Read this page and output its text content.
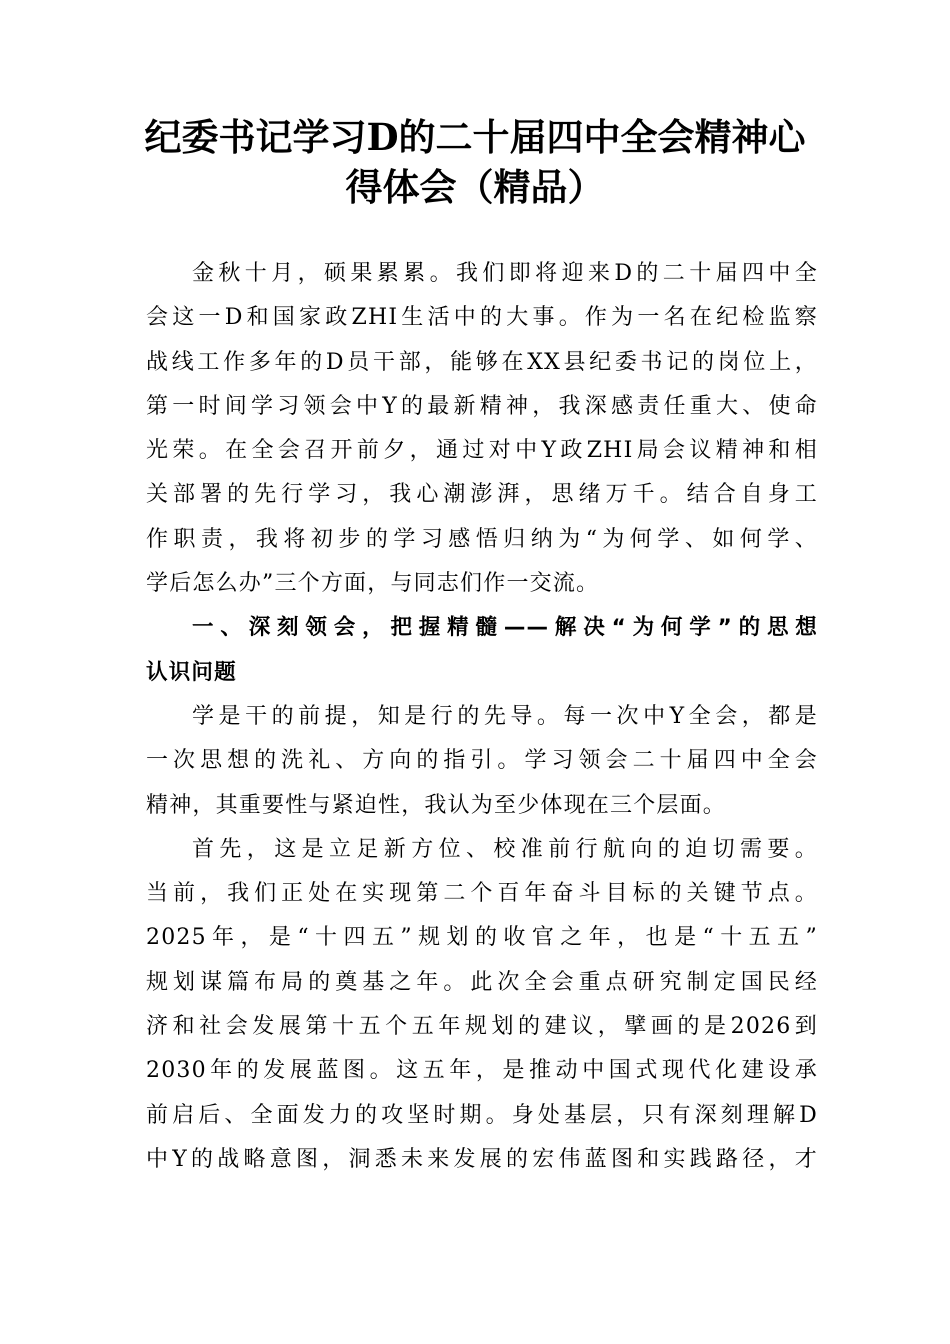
纪委书记学习D的二十届四中全会精神心
得体会（精品）
金秋十月，硕果累累。我们即将迎来D的二十届四中全
会这一D和国家政ZHI生活中的大事。作为一名在纪检监察
战线工作多年的D员干部，能够在XX县纪委书记的岗位上，
第一时间学习领会中Y的最新精神，我深感责任重大、使命
光荣。在全会召开前夕，通过对中Y政ZHI局会议精神和相
关部署的先行学习，我心潮澎湃，思绪万千。结合自身工
作职责，我将初步的学习感悟归纳为“为何学、如何学、
学后怎么办”三个方面，与同志们作一交流。
一、深刻领会，把握精髓——解决“为何学”的思想
认识问题
学是干的前提，知是行的先导。每一次中Y全会，都是
一次思想的洗礼、方向的指引。学习领会二十届四中全会
精神，其重要性与紧迫性，我认为至少体现在三个层面。
首先，这是立足新方位、校准前行航向的迫切需要。
当前，我们正处在实现第二个百年奋斗目标的关键节点。
2025年，是“十四五”规划的收官之年，也是“十五五”
规划谋篇布局的奠基之年。此次全会重点研究制定国民经
济和社会发展第十五个五年规划的建议，擘画的是2026到
2030年的发展蓝图。这五年，是推动中国式现代化建设承
前启后、全面发力的攻坚时期。身处基层，只有深刻理解D
中Y的战略意图，洞悉未来发展的宏伟蓝图和实践路径，才
